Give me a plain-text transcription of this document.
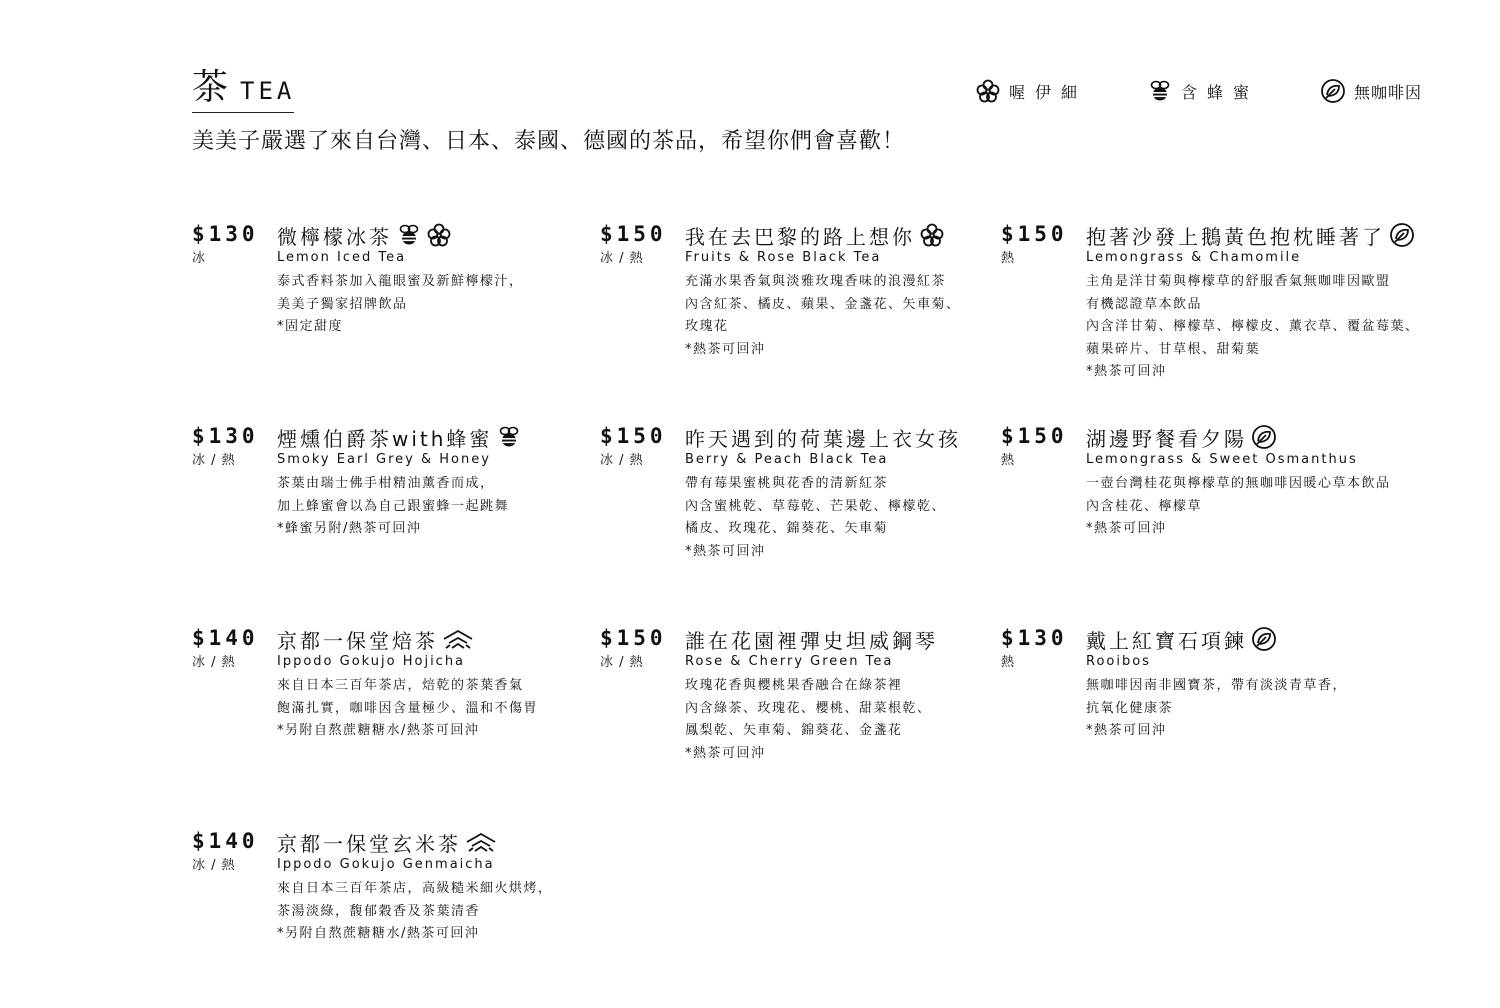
茶 TEA
美美子嚴選了來自台灣、日本、泰國、德國的茶品，希望你們會喜歡！
喔伊細	含蜂蜜	無咖啡因
$130
冰
微檸檬冰茶
Lemon Iced Tea
泰式香料茶加入龍眼蜜及新鮮檸檬汁，
美美子獨家招牌飲品
*固定甜度
$150
冰 / 熱
我在去巴黎的路上想你
Fruits & Rose Black Tea
充滿水果香氣與淡雅玫瑰香味的浪漫紅茶
內含紅茶、橘皮、蘋果、金盞花、矢車菊、
玫瑰花
*熱茶可回沖
$150
熱
抱著沙發上鵝黃色抱枕睡著了
Lemongrass & Chamomile
主角是洋甘菊與檸檬草的舒服香氣無咖啡因歐盟
有機認證草本飲品
內含洋甘菊、檸檬草、檸檬皮、薰衣草、覆盆莓葉、
蘋果碎片、甘草根、甜菊葉
*熱茶可回沖
$130
冰 / 熱
煙燻伯爵茶with蜂蜜
Smoky Earl Grey & Honey
茶葉由瑞士佛手柑精油薰香而成，
加上蜂蜜會以為自己跟蜜蜂一起跳舞
*蜂蜜另附/熱茶可回沖
$150
冰 / 熱
昨天遇到的荷葉邊上衣女孩
Berry & Peach Black Tea
帶有莓果蜜桃與花香的清新紅茶
內含蜜桃乾、草莓乾、芒果乾、檸檬乾、
橘皮、玫瑰花、錦葵花、矢車菊
*熱茶可回沖
$150
熱
湖邊野餐看夕陽
Lemongrass & Sweet Osmanthus
一壺台灣桂花與檸檬草的無咖啡因暖心草本飲品
內含桂花、檸檬草
*熱茶可回沖
$140
冰 / 熱
京都一保堂焙茶
Ippodo Gokujo Hojicha
來自日本三百年茶店，焙乾的茶葉香氣
飽滿扎實，咖啡因含量極少、溫和不傷胃
*另附自熬蔗糖糖水/熱茶可回沖
$150
冰 / 熱
誰在花園裡彈史坦威鋼琴
Rose & Cherry Green Tea
玫瑰花香與櫻桃果香融合在綠茶裡
內含綠茶、玫瑰花、櫻桃、甜菜根乾、
鳳梨乾、矢車菊、錦葵花、金盞花
*熱茶可回沖
$130
熱
戴上紅寶石項鍊
Rooibos
無咖啡因南非國寶茶，帶有淡淡青草香，
抗氧化健康茶
*熱茶可回沖
$140
冰 / 熱
京都一保堂玄米茶
Ippodo Gokujo Genmaicha
來自日本三百年茶店，高級糙米細火烘烤，
茶湯淡綠，馥郁穀香及茶葉清香
*另附自熬蔗糖糖水/熱茶可回沖
